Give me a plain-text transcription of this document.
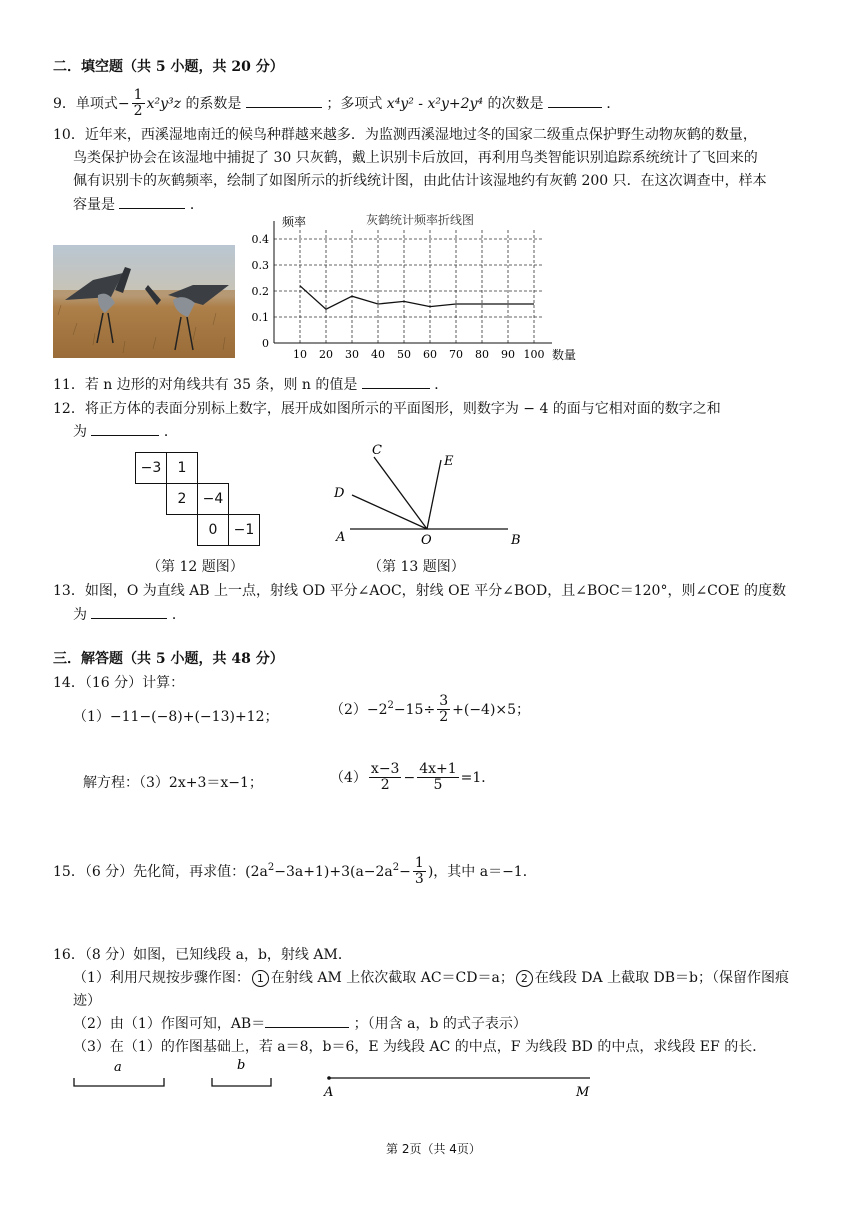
二．填空题（共 5 小题，共 20 分）
9．单项式− $\frac{1}{2} x^2y^3z$ 的系数是	；多项式 x⁴y² - x²y+2y⁴ 的次数是	．
10．近年来，西溪湿地南迁的候鸟种群越来越多．为监测西溪湿地过冬的国家二级重点保护野生动物灰鹤的数量，
鸟类保护协会在该湿地中捕捉了 30 只灰鹤，戴上识别卡后放回，再利用鸟类智能识别追踪系统统计了飞回来的
佩有识别卡的灰鹤频率，绘制了如图所示的折线统计图，由此估计该湿地约有灰鹤 200 只．在这次调查中，样本
容量是	．
0
0.1
0.2
0.3
0.4
10 20 30 40 50 60 70 80 90 100
频率
数量
灰鹤统计频率折线图
11．若 n 边形的对角线共有 35 条，则 n 的值是	．
12．将正方体的表面分别标上数字，展开成如图所示的平面图形，则数字为 − 4 的面与它相对面的数字之和
为	．
−3	1
2	−4
0	−1
（第 12 题图）
C
E
D
A	O	B
（第 13 题图）
13．如图，O 为直线 AB 上一点，射线 OD 平分∠AOC，射线 OE 平分∠BOD，且∠BOC＝120°，则∠COE 的度数
为	．
三．解答题（共 5 小题，共 48 分）
14．（16 分）计算：
（1）−11−(−8)+(−13)+12；	$(2)-2^2-15\div \frac{3}{2} +(-4)\times 5$；
解方程：（3）2x+3＝x−1；	$(4) \frac{x-3}{2} - \frac{4x+1}{5} =1$．
15．（6 分）先化简，再求值：$(2a^2-3a+1)+3(a-2a^2- \frac{1}{3}$ )，其中 a＝−1．
16．（8 分）如图，已知线段 a，b，射线 AM．
（1）利用尺规按步骤作图： 1 在射线 AM 上依次截取 AC＝CD＝a； 2 在线段 DA 上截取 DB＝b；（保留作图痕
迹）
（2）由（1）作图可知，AB＝	；（用含 a，b 的式子表示）
（3）在（1）的作图基础上，若 a＝8，b＝6，E 为线段 AC 的中点，F 为线段 BD 的中点，求线段 EF 的长．
a	b
A	M
第 2页（共 4页）
